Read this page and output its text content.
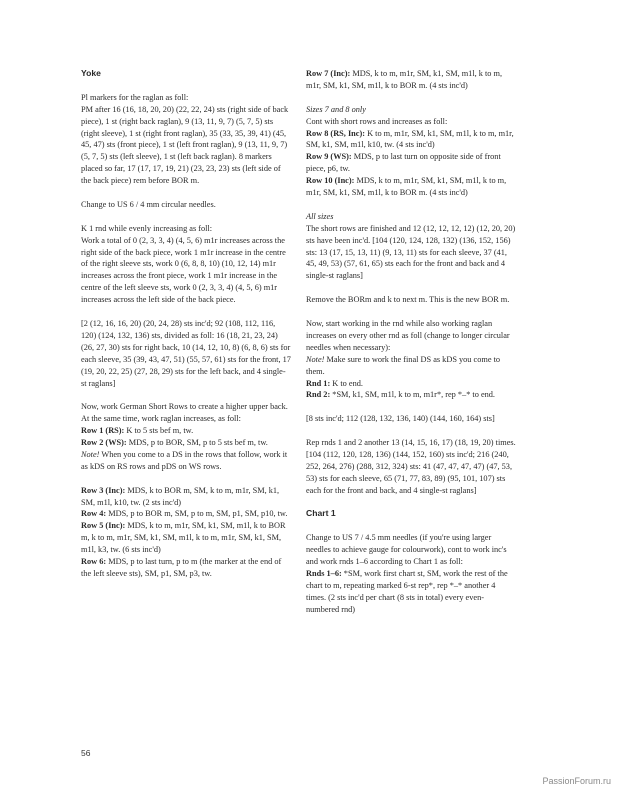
Yoke

Pl markers for the raglan as foll:

PM after 16 (16, 18, 20, 20) (22, 22, 24) sts (right side of back piece), 1 st (right back raglan), 9 (13, 11, 9, 7) (5, 7, 5) sts (right sleeve), 1 st (right front raglan), 35 (33, 35, 39, 41) (45, 45, 47) sts (front piece), 1 st (left front raglan), 9 (13, 11, 9, 7) (5, 7, 5) sts (left sleeve), 1 st (left back raglan). 8 markers placed so far, 17 (17, 17, 19, 21) (23, 23, 23) sts (left side of the back piece) rem before BOR m.

Change to US 6 / 4 mm circular needles.

K 1 rnd while evenly increasing as foll:

Work a total of 0 (2, 3, 3, 4) (4, 5, 6) m1r increases across the right side of the back piece, work 1 m1r increase in the centre of the right sleeve sts, work 0 (6, 8, 8, 10) (10, 12, 14) m1r increases across the front piece, work 1 m1r increase in the centre of the left sleeve sts, work 0 (2, 3, 3, 4) (4, 5, 6) m1r increases across the left side of the back piece.

[2 (12, 16, 16, 20) (20, 24, 28) sts inc'd; 92 (108, 112, 116, 120) (124, 132, 136) sts, divided as foll: 16 (18, 21, 23, 24) (26, 27, 30) sts for right back, 10 (14, 12, 10, 8) (6, 8, 6) sts for each sleeve, 35 (39, 43, 47, 51) (55, 57, 61) sts for the front, 17 (19, 20, 22, 25) (27, 28, 29) sts for the left back, and 4 single-st raglans]

Now, work German Short Rows to create a higher upper back. At the same time, work raglan increases, as foll:

Row 1 (RS): K to 5 sts bef m, tw.

Row 2 (WS): MDS, p to BOR, SM, p to 5 sts bef m, tw.

Note! When you come to a DS in the rows that follow, work it as kDS on RS rows and pDS on WS rows.

Row 3 (Inc): MDS, k to BOR m, SM, k to m, m1r, SM, k1, SM, m1l, k10, tw. (2 sts inc'd)

Row 4: MDS, p to BOR m, SM, p to m, SM, p1, SM, p10, tw.

Row 5 (Inc): MDS, k to m, m1r, SM, k1, SM, m1l, k to BOR m, k to m, m1r, SM, k1, SM, m1l, k to m, m1r, SM, k1, SM, m1l, k3, tw. (6 sts inc'd)

Row 6: MDS, p to last turn, p to m (the marker at the end of the left sleeve sts), SM, p1, SM, p3, tw.

Row 7 (Inc): MDS, k to m, m1r, SM, k1, SM, m1l, k to m, m1r, SM, k1, SM, m1l, k to BOR m. (4 sts inc'd)

Sizes 7 and 8 only

Cont with short rows and increases as foll:

Row 8 (RS, Inc): K to m, m1r, SM, k1, SM, m1l, k to m, m1r, SM, k1, SM, m1l, k10, tw. (4 sts inc'd)

Row 9 (WS): MDS, p to last turn on opposite side of front piece, p6, tw.

Row 10 (Inc): MDS, k to m, m1r, SM, k1, SM, m1l, k to m, m1r, SM, k1, SM, m1l, k to BOR m. (4 sts inc'd)

All sizes

The short rows are finished and 12 (12, 12, 12, 12) (12, 20, 20) sts have been inc'd. [104 (120, 124, 128, 132) (136, 152, 156) sts: 13 (17, 15, 13, 11) (9, 13, 11) sts for each sleeve, 37 (41, 45, 49, 53) (57, 61, 65) sts each for the front and back and 4 single-st raglans]

Remove the BORm and k to next m. This is the new BOR m.

Now, start working in the rnd while also working raglan increases on every other rnd as foll (change to longer circular needles when necessary):

Note! Make sure to work the final DS as kDS you come to them.

Rnd 1: K to end.

Rnd 2: *SM, k1, SM, m1l, k to m, m1r*, rep *–* to end.

[8 sts inc'd; 112 (128, 132, 136, 140) (144, 160, 164) sts]

Rep rnds 1 and 2 another 13 (14, 15, 16, 17) (18, 19, 20) times. [104 (112, 120, 128, 136) (144, 152, 160) sts inc'd; 216 (240, 252, 264, 276) (288, 312, 324) sts: 41 (47, 47, 47, 47) (47, 53, 53) sts for each sleeve, 65 (71, 77, 83, 89) (95, 101, 107) sts each for the front and back, and 4 single-st raglans]

Chart 1

Change to US 7 / 4.5 mm needles (if you're using larger needles to achieve gauge for colourwork), cont to work inc's and work rnds 1–6 according to Chart 1 as foll:

Rnds 1–6: *SM, work first chart st, SM, work the rest of the chart to m, repeating marked 6-st rep*, rep *–* another 4 times. (2 sts inc'd per chart (8 sts in total) every even-numbered rnd)

56
PassionForum.ru
